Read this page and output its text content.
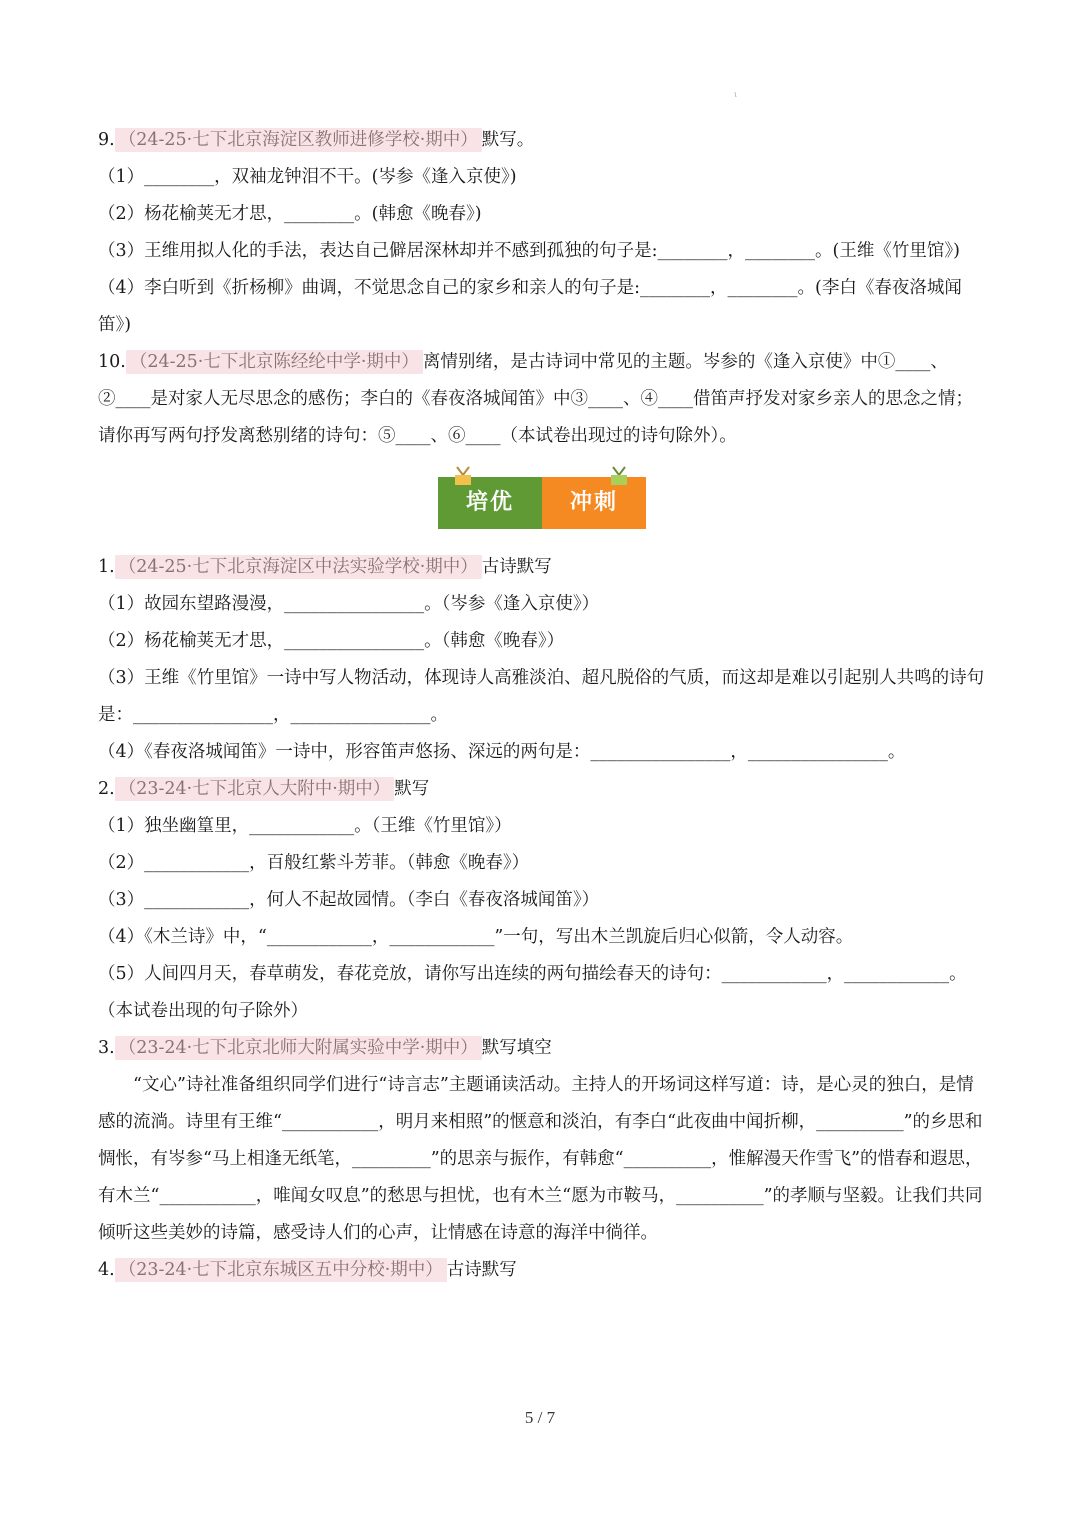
ι
9. （24-25·七下北京海淀区教师进修学校·期中） 默写。
（1）________，双袖龙钟泪不干。(岑参《逢入京使》)
（2）杨花榆荚无才思，________。(韩愈《晚春》)
（3）王维用拟人化的手法，表达自己僻居深林却并不感到孤独的句子是:________，________。(王维《竹里馆》)
（4）李白听到《折杨柳》曲调，不觉思念自己的家乡和亲人的句子是:________，________。(李白《春夜洛城闻笛》)
10. （24-25·七下北京陈经纶中学·期中） 离情别绪，是古诗词中常见的主题。岑参的《逢入京使》中①____、②____是对家人无尽思念的感伤；李白的《春夜洛城闻笛》中③____、④____借笛声抒发对家乡亲人的思念之情；请你再写两句抒发离愁别绪的诗句：⑤____、⑥____（本试卷出现过的诗句除外）。
培优	冲刺
1. （24-25·七下北京海淀区中法实验学校·期中） 古诗默写
（1）故园东望路漫漫，________________。（岑参《逢入京使》）
（2）杨花榆荚无才思，________________。（韩愈《晚春》）
（3）王维《竹里馆》一诗中写人物活动，体现诗人高雅淡泊、超凡脱俗的气质，而这却是难以引起别人共鸣的诗句是：________________，________________。
（4）《春夜洛城闻笛》一诗中，形容笛声悠扬、深远的两句是：________________，________________。
2. （23-24·七下北京人大附中·期中） 默写
（1）独坐幽篁里，____________。（王维《竹里馆》）
（2）____________，百般红紫斗芳菲。（韩愈《晚春》）
（3）____________，何人不起故园情。（李白《春夜洛城闻笛》）
（4）《木兰诗》中，“____________，____________”一句，写出木兰凯旋后归心似箭，令人动容。
（5）人间四月天，春草萌发，春花竞放，请你写出连续的两句描绘春天的诗句：____________，____________。（本试卷出现的句子除外）
3. （23-24·七下北京北师大附属实验中学·期中） 默写填空
“文心”诗社准备组织同学们进行“诗言志”主题诵读活动。主持人的开场词这样写道：诗，是心灵的独白，是情感的流淌。诗里有王维“___________，明月来相照”的惬意和淡泊，有李白“此夜曲中闻折柳，__________”的乡思和惆怅，有岑参“马上相逢无纸笔，_________”的思亲与振作，有韩愈“__________，惟解漫天作雪飞”的惜春和遐思，有木兰“___________，唯闻女叹息”的愁思与担忧，也有木兰“愿为市鞍马，__________”的孝顺与坚毅。让我们共同倾听这些美妙的诗篇，感受诗人们的心声，让情感在诗意的海洋中徜徉。
4. （23-24·七下北京东城区五中分校·期中） 古诗默写
5 / 7
